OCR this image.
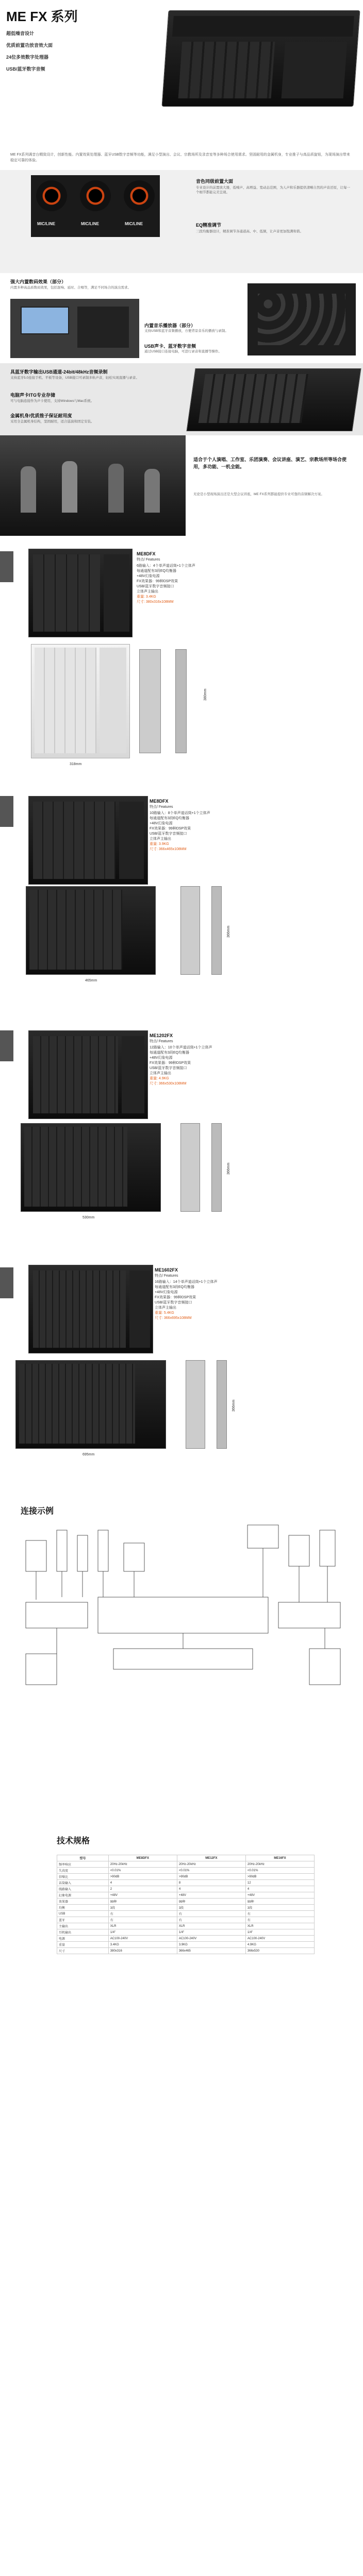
ME FX 系列
超低噪音设计
优质前置功放音效大面
24位多效数字处理器
USB/蓝牙数字音频
ME FX系列调音台精致设计，创新性能。内置效果处理器、蓝牙USB数字音频等功能，满足小型演出、会议、宗教场所及录音室等多种场合使用需求。坚固耐用的金属机身，专业推子与高品质旋钮，为现场演出带来稳定可靠的体验。
MIC/LINE	MIC/LINE	MIC/LINE
音色同级前置大面
专业设计的前置放大器，低噪声、高增益、宽动态范围，为人声和乐器提供清晰自然的声音还原，让每一个细节都能完美呈现。
EQ精准调节
三段均衡器设计，精准调节各通道高、中、低频，让声音更加饱满和谐。
强大内置数码效果（部分）
内置多种高品质数码效果，包括混响、延时、合唱等，满足不同场合的演出需求。
内置音乐播放器（部分）
支持USB和蓝牙音频播放，方便背景音乐的播放与录制。
USB声卡、蓝牙数字音频
通过USB接口连接电脑，可进行录音和直播等操作。
具蓝牙数字输出USB通道-24bit/48kHz音频录制
支持蓝牙5.0连接手机、平板等设备，USB接口可录制多轨声音，轻松实现直播与录音。
电脑声卡ITG专业存储
可与电脑连接作为声卡使用，支持Windows与Mac系统。
金属机身/优质推子保证耐用度
采用全金属机身结构，坚固耐用，适合巡演和固定安装。
适合于个人演唱、工作室、乐团演奏、会议讲座、演艺、宗教场所等场合使用，多功能、一机全能。
无论是小型现场演出还是大型会议讲座，ME FX系列都能提供专业可靠的音频解决方案。
ME8DFX
特点/ Features
6路输入：4个单声道话筒+1个立体声
每通道配有3段EQ均衡器
+48V幻象电源
FX效果器：99种DSP效果
USB/蓝牙数字音频接口
立体声主输出
重量: 3.4KG
尺寸: 380x316x108MM
318mm
380mm
ME8DFX
特点/ Features
10路输入：8个单声道话筒+1个立体声
每通道配有3段EQ均衡器
+48V幻象电源
FX效果器：99种DSP效果
USB/蓝牙数字音频接口
立体声主输出
重量: 3.9KG
尺寸: 366x465x108MM
465mm
366mm
ME1202FX
特点/ Features
12路输入：10个单声道话筒+1个立体声
每通道配有3段EQ均衡器
+48V幻象电源
FX效果器：99种DSP效果
USB/蓝牙数字音频接口
立体声主输出
重量: 4.9KG
尺寸: 366x530x108MM
530mm
366mm
ME1602FX
特点/ Features
16路输入：14个单声道话筒+1个立体声
每通道配有3段EQ均衡器
+48V幻象电源
FX效果器：99种DSP效果
USB/蓝牙数字音频接口
立体声主输出
重量: 5.4KG
尺寸: 366x695x108MM
695mm
366mm
连接示例
技术规格
型号	ME8DFX	ME12FX	ME16FX
频率响应	20Hz-20kHz	20Hz-20kHz	20Hz-20kHz
失真度	<0.01%	<0.01%	<0.01%
信噪比	>90dB	>90dB	>90dB
话筒输入	4	8	12
线路输入	2	4	4
幻象电源	+48V	+48V	+48V
效果器	99种	99种	99种
均衡	3段	3段	3段
USB	有	有	有
蓝牙	有	有	有
主输出	XLR	XLR	XLR
耳机输出	1/4"	1/4"	1/4"
电源	AC100-240V	AC100-240V	AC100-240V
重量	3.4KG	3.9KG	4.9KG
尺寸	380x316	366x465	366x530
